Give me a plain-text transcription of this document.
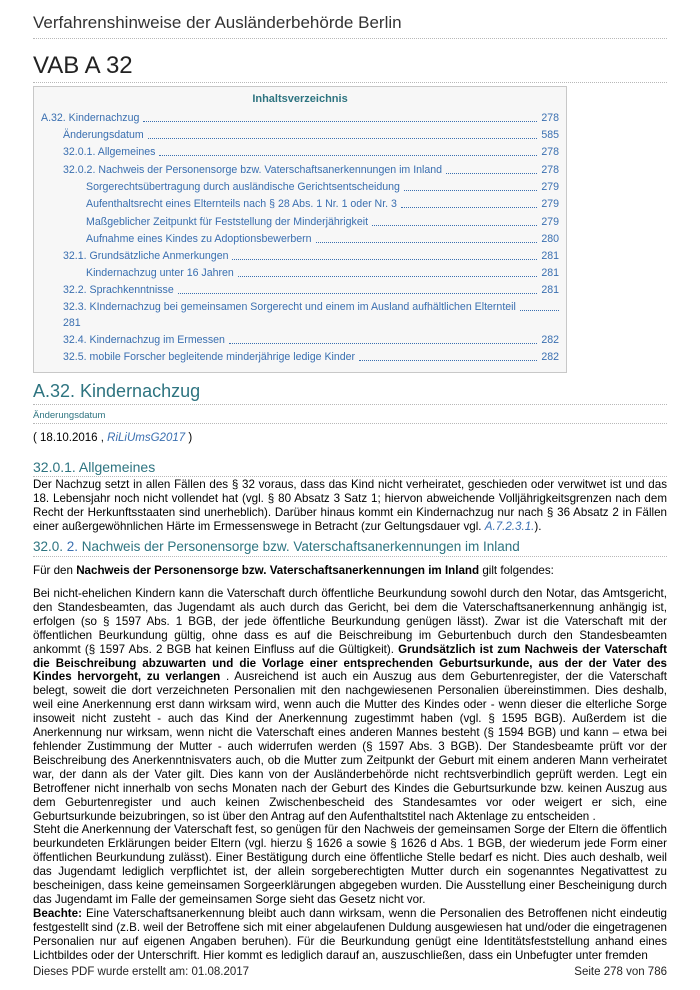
Verfahrenshinweise der Ausländerbehörde Berlin
VAB A 32
Inhaltsverzeichnis
A.32. Kindernachzug	278
Änderungsdatum	585
32.0.1. Allgemeines	278
32.0.2. Nachweis der Personensorge bzw. Vaterschaftsanerkennungen im Inland	278
Sorgerechtsübertragung durch ausländische Gerichtsentscheidung	279
Aufenthaltsrecht eines Elternteils nach § 28 Abs. 1 Nr. 1 oder Nr. 3	279
Maßgeblicher Zeitpunkt für Feststellung der Minderjährigkeit	279
Aufnahme eines Kindes zu Adoptionsbewerbern	280
32.1. Grundsätzliche Anmerkungen	281
Kindernachzug unter 16 Jahren	281
32.2. Sprachkenntnisse	281
32.3. KIndernachzug bei gemeinsamen Sorgerecht und einem im Ausland aufhältlichen Elternteil
281
32.4. Kindernachzug im Ermessen	282
32.5. mobile Forscher begleitende minderjährige ledige Kinder	282
A.32. Kindernachzug
Änderungsdatum
( 18.10.2016 , RiLiUmsG2017 )
32.0.1. Allgemeines
Der Nachzug setzt in allen Fällen des § 32 voraus, dass das Kind nicht verheiratet, geschieden oder verwitwet ist und das 18. Lebensjahr noch nicht vollendet hat (vgl. § 80 Absatz 3 Satz 1; hiervon abweichende Volljährigkeitsgrenzen nach dem Recht der Herkunftsstaaten sind unerheblich). Darüber hinaus kommt ein Kindernachzug nur nach § 36 Absatz 2 in Fällen einer außergewöhnlichen Härte im Ermessenswege in Betracht (zur Geltungsdauer vgl. A.7.2.3.1.).
32.0. 2. Nachweis der Personensorge bzw. Vaterschaftsanerkennungen im Inland
Für den Nachweis der Personensorge bzw. Vaterschaftsanerkennungen im Inland gilt folgendes:
Bei nicht-ehelichen Kindern kann die Vaterschaft durch öffentliche Beurkundung sowohl durch den Notar, das Amtsgericht, den Standesbeamten, das Jugendamt als auch durch das Gericht, bei dem die Vaterschaftsanerkennung anhängig ist, erfolgen (so § 1597 Abs. 1 BGB, der jede öffentliche Beurkundung genügen lässt). Zwar ist die Vaterschaft mit der öffentlichen Beurkundung gültig, ohne dass es auf die Beischreibung im Geburtenbuch durch den Standesbeamten ankommt (§ 1597 Abs. 2 BGB hat keinen Einfluss auf die Gültigkeit). Grundsätzlich ist zum Nachweis der Vaterschaft die Beischreibung abzuwarten und die Vorlage einer entsprechenden Geburtsurkunde, aus der der Vater des Kindes hervorgeht, zu verlangen . Ausreichend ist auch ein Auszug aus dem Geburtenregister, der die Vaterschaft belegt, soweit die dort verzeichneten Personalien mit den nachgewiesenen Personalien übereinstimmen. Dies deshalb, weil eine Anerkennung erst dann wirksam wird, wenn auch die Mutter des Kindes oder - wenn dieser die elterliche Sorge insoweit nicht zusteht - auch das Kind der Anerkennung zugestimmt haben (vgl. § 1595 BGB). Außerdem ist die Anerkennung nur wirksam, wenn nicht die Vaterschaft eines anderen Mannes besteht (§ 1594 BGB) und kann – etwa bei fehlender Zustimmung der Mutter - auch widerrufen werden (§ 1597 Abs. 3 BGB). Der Standesbeamte prüft vor der Beischreibung des Anerkenntnisvaters auch, ob die Mutter zum Zeitpunkt der Geburt mit einem anderen Mann verheiratet war, der dann als der Vater gilt. Dies kann von der Ausländerbehörde nicht rechtsverbindlich geprüft werden. Legt ein Betroffener nicht innerhalb von sechs Monaten nach der Geburt des Kindes die Geburtsurkunde bzw. keinen Auszug aus dem Geburtenregister und auch keinen Zwischenbescheid des Standesamtes vor oder weigert er sich, eine Geburtsurkunde beizubringen, so ist über den Antrag auf den Aufenthaltstitel nach Aktenlage zu entscheiden .
Steht die Anerkennung der Vaterschaft fest, so genügen für den Nachweis der gemeinsamen Sorge der Eltern die öffentlich beurkundeten Erklärungen beider Eltern (vgl. hierzu § 1626 a sowie § 1626 d Abs. 1 BGB, der wiederum jede Form einer öffentlichen Beurkundung zulässt). Einer Bestätigung durch eine öffentliche Stelle bedarf es nicht. Dies auch deshalb, weil das Jugendamt lediglich verpflichtet ist, der allein sorgeberechtigten Mutter durch ein sogenanntes Negativattest zu bescheinigen, dass keine gemeinsamen Sorgeerklärungen abgegeben wurden. Die Ausstellung einer Bescheinigung durch das Jugendamt im Falle der gemeinsamen Sorge sieht das Gesetz nicht vor.
Beachte: Eine Vaterschaftsanerkennung bleibt auch dann wirksam, wenn die Personalien des Betroffenen nicht eindeutig festgestellt sind (z.B. weil der Betroffene sich mit einer abgelaufenen Duldung ausgewiesen hat und/oder die eingetragenen Personalien nur auf eigenen Angaben beruhen). Für die Beurkundung genügt eine Identitätsfeststellung anhand eines Lichtbildes oder der Unterschrift. Hier kommt es lediglich darauf an, auszuschließen, dass ein Unbefugter unter fremden
Dieses PDF wurde erstellt am: 01.08.2017	Seite 278 von 786
